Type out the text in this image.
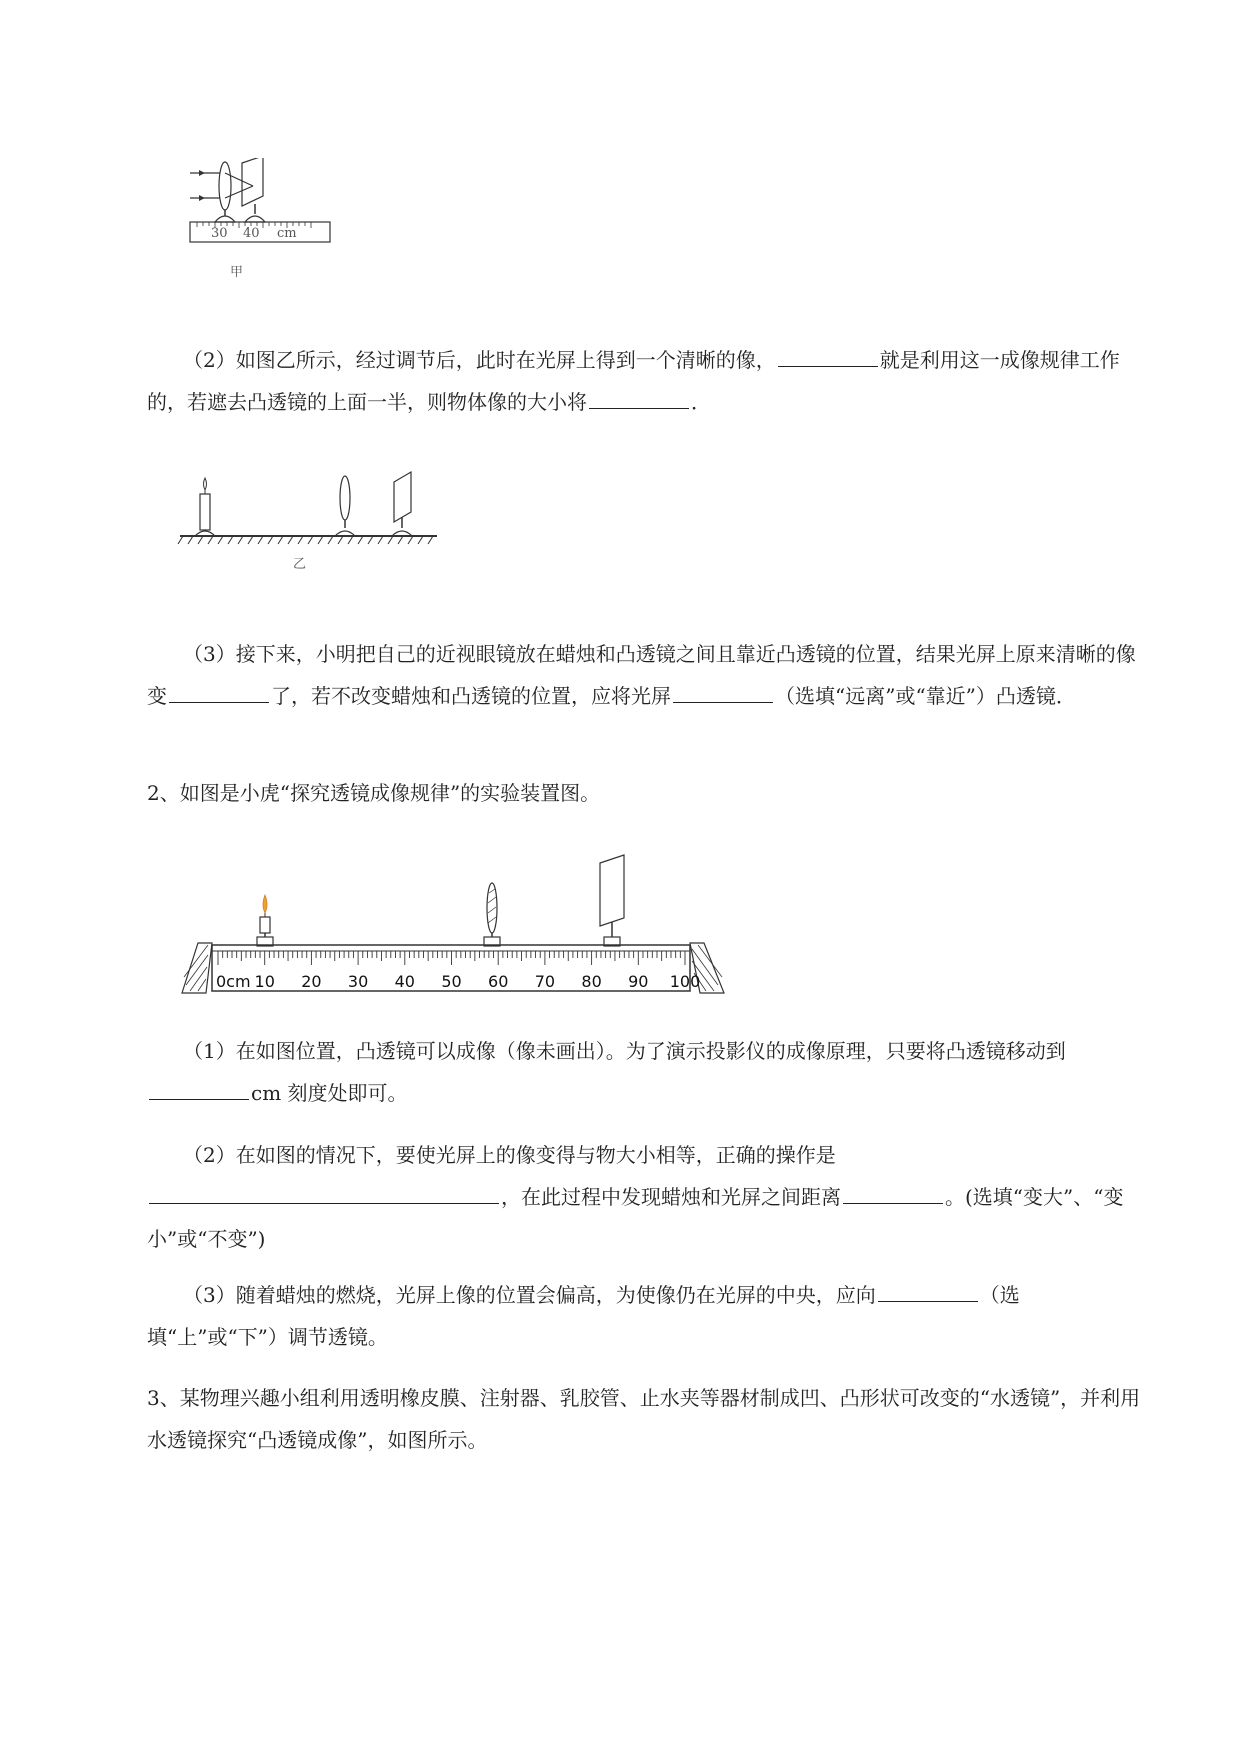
30 40 cm
甲

（2）如图乙所示，经过调节后，此时在光屏上得到一个清晰的像，	就是利用这一成像规律工作的，若遮去凸透镜的上面一半，则物体像的大小将	．

乙

（3）接下来，小明把自己的近视眼镜放在蜡烛和凸透镜之间且靠近凸透镜的位置，结果光屏上原来清晰的像变	了，若不改变蜡烛和凸透镜的位置，应将光屏	（选填“远离”或“靠近”）凸透镜．

2、如图是小虎“探究透镜成像规律”的实验装置图。

0cm 10 20 30 40 50 60 70 80 90 100

（1）在如图位置，凸透镜可以成像（像未画出）。为了演示投影仪的成像原理，只要将凸透镜移动到cm 刻度处即可。

（2）在如图的情况下，要使光屏上的像变得与物大小相等，正确的操作是，在此过程中发现蜡烛和光屏之间距离	。(选填“变大”、“变小”或“不变”)

（3）随着蜡烛的燃烧，光屏上像的位置会偏高，为使像仍在光屏的中央，应向	（选填“上”或“下”）调节透镜。

3、某物理兴趣小组利用透明橡皮膜、注射器、乳胶管、止水夹等器材制成凹、凸形状可改变的“水透镜”，并利用水透镜探究“凸透镜成像”，如图所示。
